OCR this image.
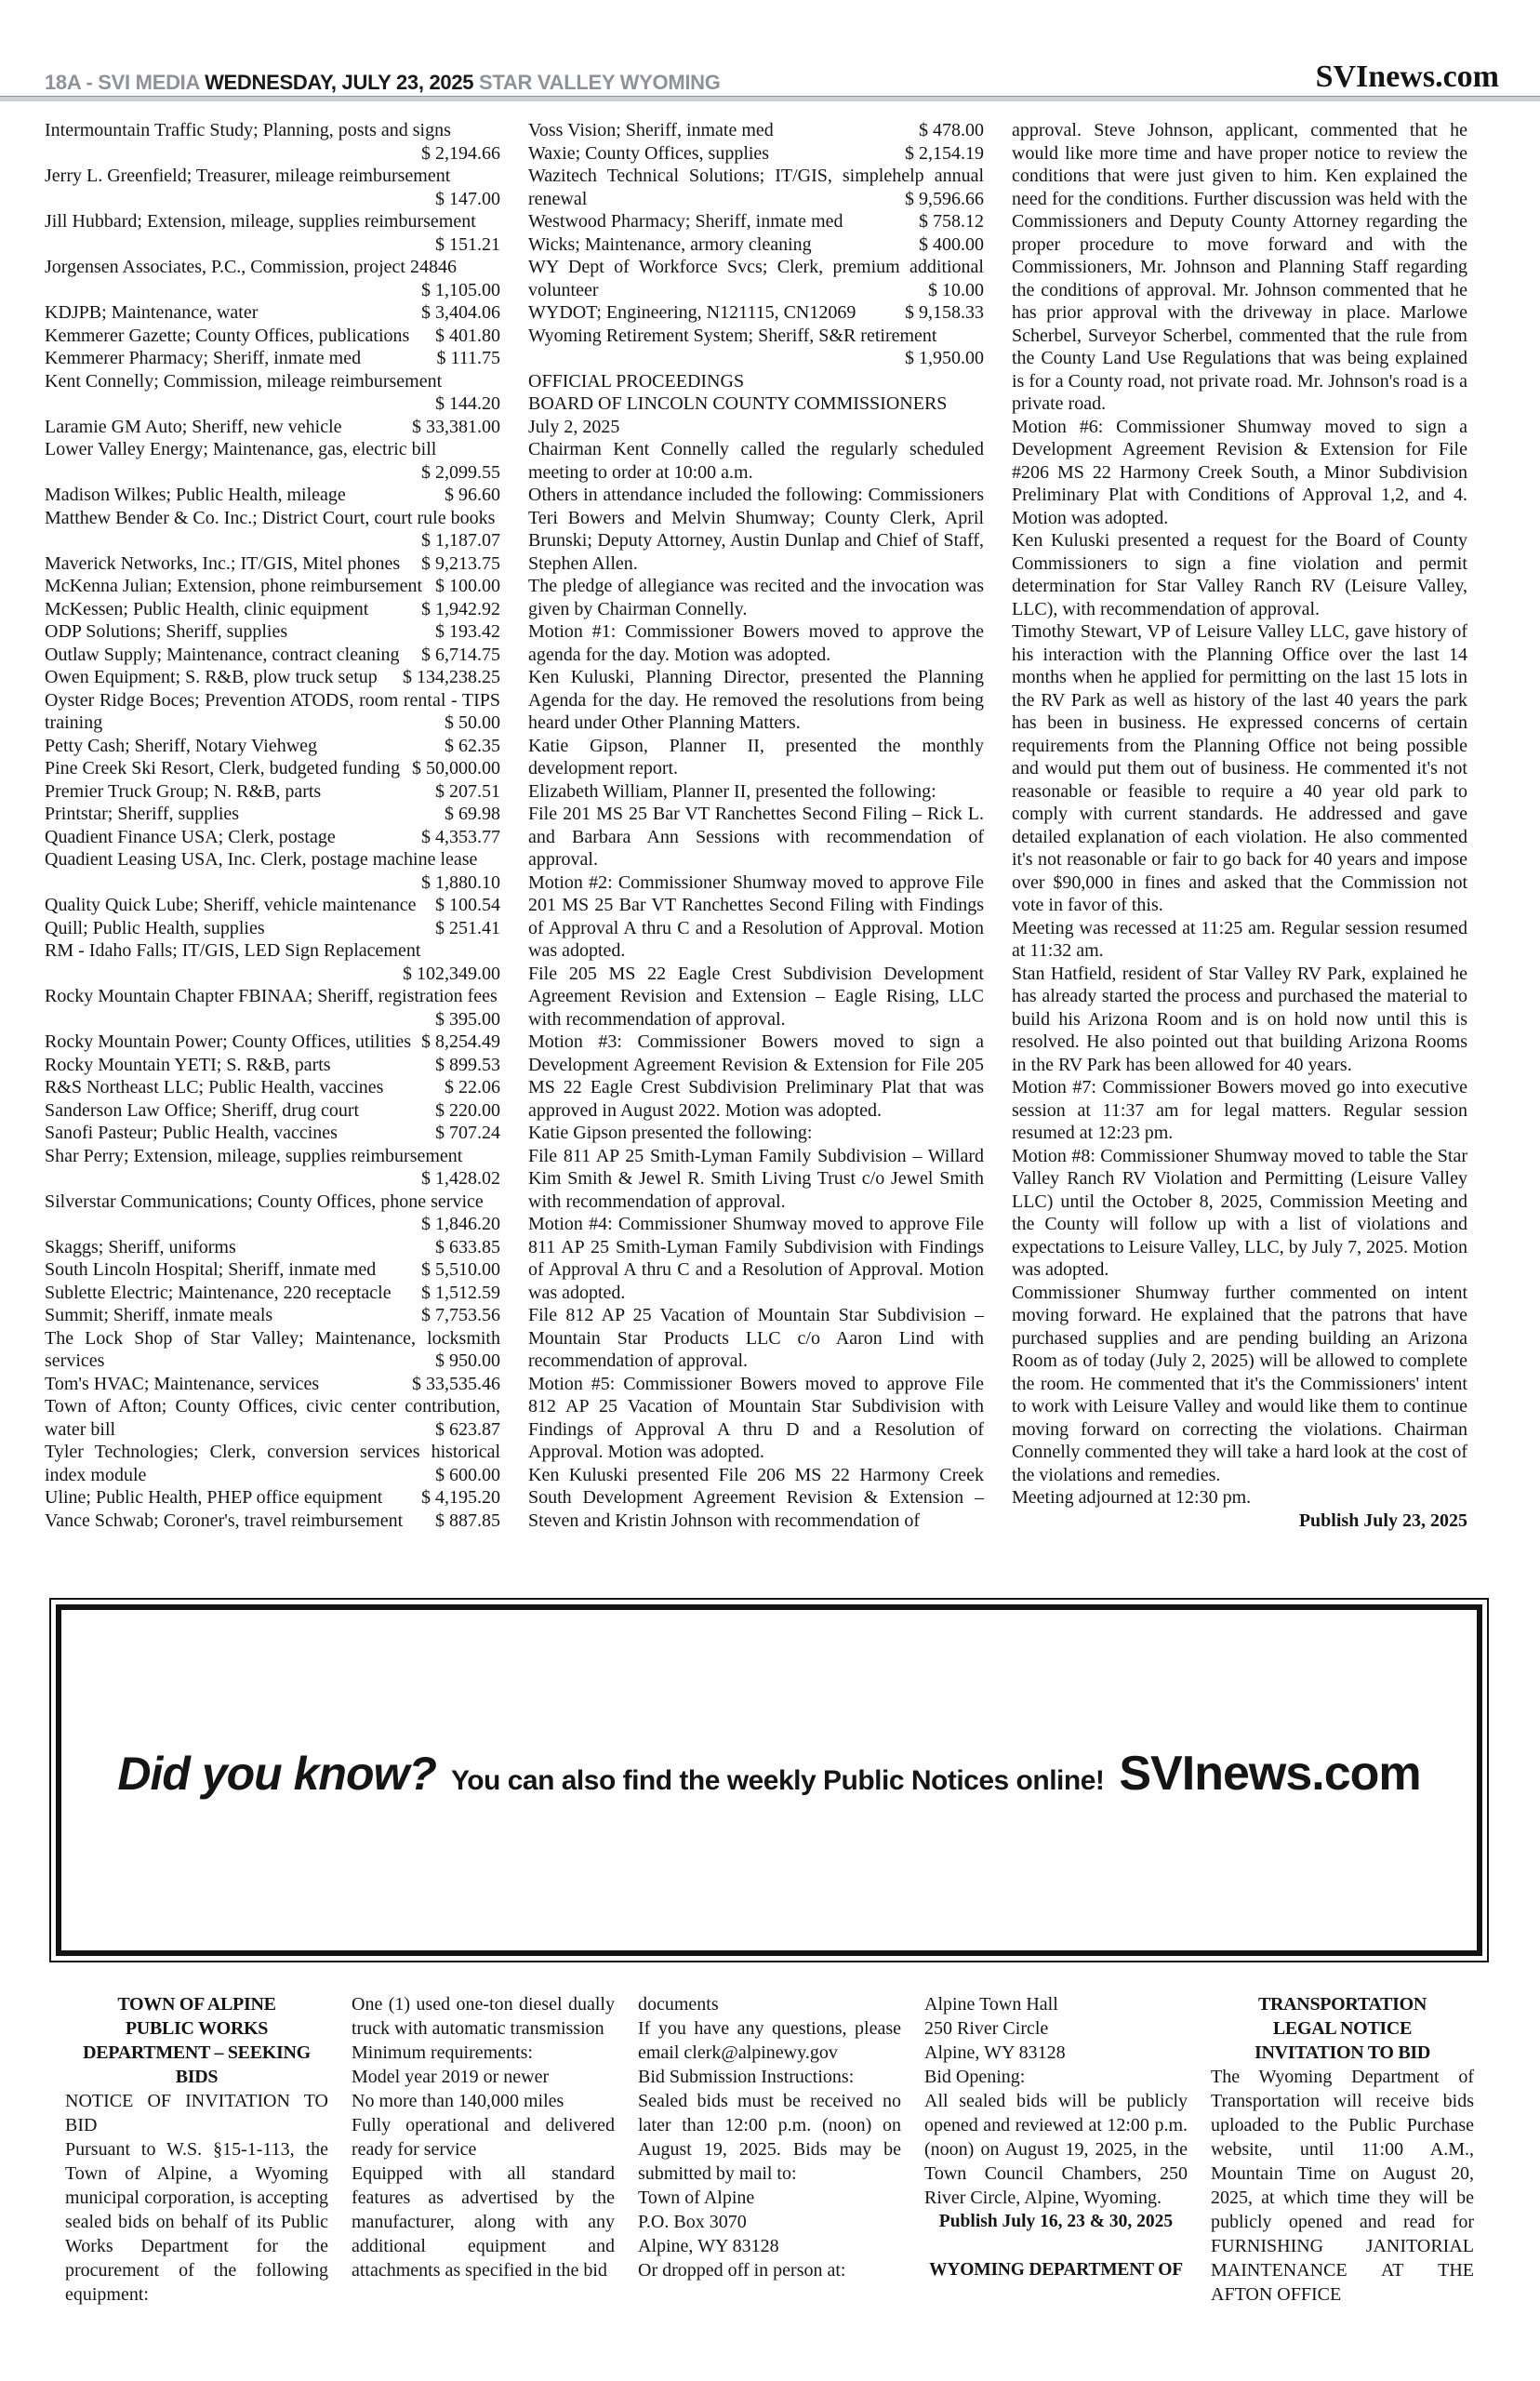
18A - SVI MEDIA WEDNESDAY, JULY 23, 2025 STAR VALLEY WYOMING	SVInews.com
Intermountain Traffic Study; Planning, posts and signs
$ 2,194.66
Jerry L. Greenfield; Treasurer, mileage reimbursement
$ 147.00
Jill Hubbard; Extension, mileage, supplies reimbursement
$ 151.21
Jorgensen Associates, P.C., Commission, project 24846
$ 1,105.00
KDJPB; Maintenance, water	$ 3,404.06
Kemmerer Gazette; County Offices, publications $ 401.80
Kemmerer Pharmacy; Sheriff, inmate med	$ 111.75
Kent Connelly; Commission, mileage reimbursement
$ 144.20
Laramie GM Auto; Sheriff, new vehicle	$ 33,381.00
Lower Valley Energy; Maintenance, gas, electric bill
$ 2,099.55
Madison Wilkes; Public Health, mileage	$ 96.60
Matthew Bender & Co. Inc.; District Court, court rule books
$ 1,187.07
Maverick Networks, Inc.; IT/GIS, Mitel phones $ 9,213.75
McKenna Julian; Extension, phone reimbursement $ 100.00
McKessen; Public Health, clinic equipment	$ 1,942.92
ODP Solutions; Sheriff, supplies	$ 193.42
Outlaw Supply; Maintenance, contract cleaning $ 6,714.75
Owen Equipment; S. R&B, plow truck setup $ 134,238.25
Oyster Ridge Boces; Prevention ATODS, room rental - TIPS training	$ 50.00
Petty Cash; Sheriff, Notary Viehweg	$ 62.35
Pine Creek Ski Resort, Clerk, budgeted funding $ 50,000.00
Premier Truck Group; N. R&B, parts	$ 207.51
Printstar; Sheriff, supplies	$ 69.98
Quadient Finance USA; Clerk, postage	$ 4,353.77
Quadient Leasing USA, Inc. Clerk, postage machine lease
$ 1,880.10
Quality Quick Lube; Sheriff, vehicle maintenance $ 100.54
Quill; Public Health, supplies	$ 251.41
RM - Idaho Falls; IT/GIS, LED Sign Replacement
$ 102,349.00
Rocky Mountain Chapter FBINAA; Sheriff, registration fees
$ 395.00
Rocky Mountain Power; County Offices, utilities $ 8,254.49
Rocky Mountain YETI; S. R&B, parts	$ 899.53
R&S Northeast LLC; Public Health, vaccines	$ 22.06
Sanderson Law Office; Sheriff, drug court	$ 220.00
Sanofi Pasteur; Public Health, vaccines	$ 707.24
Shar Perry; Extension, mileage, supplies reimbursement
$ 1,428.02
Silverstar Communications; County Offices, phone service
$ 1,846.20
Skaggs; Sheriff, uniforms	$ 633.85
South Lincoln Hospital; Sheriff, inmate med $ 5,510.00
Sublette Electric; Maintenance, 220 receptacle $ 1,512.59
Summit; Sheriff, inmate meals	$ 7,753.56
The Lock Shop of Star Valley; Maintenance, locksmith services	$ 950.00
Tom's HVAC; Maintenance, services	$ 33,535.46
Town of Afton; County Offices, civic center contribution, water bill	$ 623.87
Tyler Technologies; Clerk, conversion services historical index module	$ 600.00
Uline; Public Health, PHEP office equipment $ 4,195.20
Vance Schwab; Coroner's, travel reimbursement $ 887.85
Voss Vision; Sheriff, inmate med	$ 478.00
Waxie; County Offices, supplies	$ 2,154.19
Wazitech Technical Solutions; IT/GIS, simplehelp annual renewal	$ 9,596.66
Westwood Pharmacy; Sheriff, inmate med	$ 758.12
Wicks; Maintenance, armory cleaning	$ 400.00
WY Dept of Workforce Svcs; Clerk, premium additional volunteer	$ 10.00
WYDOT; Engineering, N121115, CN12069	$ 9,158.33
Wyoming Retirement System; Sheriff, S&R retirement
$ 1,950.00

OFFICIAL PROCEEDINGS

BOARD OF LINCOLN COUNTY COMMISSIONERS

July 2, 2025

Chairman Kent Connelly called the regularly scheduled meeting to order at 10:00 a.m.

Others in attendance included the following: Commissioners Teri Bowers and Melvin Shumway; County Clerk, April Brunski; Deputy Attorney, Austin Dunlap and Chief of Staff, Stephen Allen.

The pledge of allegiance was recited and the invocation was given by Chairman Connelly.

Motion #1: Commissioner Bowers moved to approve the agenda for the day. Motion was adopted.

Ken Kuluski, Planning Director, presented the Planning Agenda for the day. He removed the resolutions from being heard under Other Planning Matters.

Katie Gipson, Planner II, presented the monthly development report.

Elizabeth William, Planner II, presented the following:

File 201 MS 25 Bar VT Ranchettes Second Filing – Rick L. and Barbara Ann Sessions with recommendation of approval.

Motion #2: Commissioner Shumway moved to approve File 201 MS 25 Bar VT Ranchettes Second Filing with Findings of Approval A thru C and a Resolution of Approval. Motion was adopted.

File 205 MS 22 Eagle Crest Subdivision Development Agreement Revision and Extension – Eagle Rising, LLC with recommendation of approval.

Motion #3: Commissioner Bowers moved to sign a Development Agreement Revision & Extension for File 205 MS 22 Eagle Crest Subdivision Preliminary Plat that was approved in August 2022. Motion was adopted.

Katie Gipson presented the following:

File 811 AP 25 Smith-Lyman Family Subdivision – Willard Kim Smith & Jewel R. Smith Living Trust c/o Jewel Smith with recommendation of approval.

Motion #4: Commissioner Shumway moved to approve File 811 AP 25 Smith-Lyman Family Subdivision with Findings of Approval A thru C and a Resolution of Approval. Motion was adopted.

File 812 AP 25 Vacation of Mountain Star Subdivision – Mountain Star Products LLC c/o Aaron Lind with recommendation of approval.

Motion #5: Commissioner Bowers moved to approve File 812 AP 25 Vacation of Mountain Star Subdivision with Findings of Approval A thru D and a Resolution of Approval. Motion was adopted.

Ken Kuluski presented File 206 MS 22 Harmony Creek South Development Agreement Revision & Extension – Steven and Kristin Johnson with recommendation of

approval. Steve Johnson, applicant, commented that he would like more time and have proper notice to review the conditions that were just given to him. Ken explained the need for the conditions. Further discussion was held with the Commissioners and Deputy County Attorney regarding the proper procedure to move forward and with the Commissioners, Mr. Johnson and Planning Staff regarding the conditions of approval. Mr. Johnson commented that he has prior approval with the driveway in place. Marlowe Scherbel, Surveyor Scherbel, commented that the rule from the County Land Use Regulations that was being explained is for a County road, not private road. Mr. Johnson's road is a private road.

Motion #6: Commissioner Shumway moved to sign a Development Agreement Revision & Extension for File #206 MS 22 Harmony Creek South, a Minor Subdivision Preliminary Plat with Conditions of Approval 1,2, and 4. Motion was adopted.

Ken Kuluski presented a request for the Board of County Commissioners to sign a fine violation and permit determination for Star Valley Ranch RV (Leisure Valley, LLC), with recommendation of approval.

Timothy Stewart, VP of Leisure Valley LLC, gave history of his interaction with the Planning Office over the last 14 months when he applied for permitting on the last 15 lots in the RV Park as well as history of the last 40 years the park has been in business. He expressed concerns of certain requirements from the Planning Office not being possible and would put them out of business. He commented it's not reasonable or feasible to require a 40 year old park to comply with current standards. He addressed and gave detailed explanation of each violation. He also commented it's not reasonable or fair to go back for 40 years and impose over $90,000 in fines and asked that the Commission not vote in favor of this.

Meeting was recessed at 11:25 am. Regular session resumed at 11:32 am.

Stan Hatfield, resident of Star Valley RV Park, explained he has already started the process and purchased the material to build his Arizona Room and is on hold now until this is resolved. He also pointed out that building Arizona Rooms in the RV Park has been allowed for 40 years.

Motion #7: Commissioner Bowers moved go into executive session at 11:37 am for legal matters. Regular session resumed at 12:23 pm.

Motion #8: Commissioner Shumway moved to table the Star Valley Ranch RV Violation and Permitting (Leisure Valley LLC) until the October 8, 2025, Commission Meeting and the County will follow up with a list of violations and expectations to Leisure Valley, LLC, by July 7, 2025. Motion was adopted.

Commissioner Shumway further commented on intent moving forward. He explained that the patrons that have purchased supplies and are pending building an Arizona Room as of today (July 2, 2025) will be allowed to complete the room. He commented that it's the Commissioners' intent to work with Leisure Valley and would like them to continue moving forward on correcting the violations. Chairman Connelly commented they will take a hard look at the cost of the violations and remedies.

Meeting adjourned at 12:30 pm.

Publish July 23, 2025

Did you know? You can also find the weekly Public Notices online! SVInews.com
TOWN OF ALPINE
PUBLIC WORKS
DEPARTMENT – SEEKING
BIDS

NOTICE OF INVITATION TO BID

Pursuant to W.S. §15-1-113, the Town of Alpine, a Wyoming municipal corporation, is accepting sealed bids on behalf of its Public Works Department for the procurement of the following equipment:

One (1) used one-ton diesel dually truck with automatic transmission

Minimum requirements:

Model year 2019 or newer

No more than 140,000 miles

Fully operational and delivered ready for service

Equipped with all standard features as advertised by the manufacturer, along with any additional equipment and attachments as specified in the bid

documents

If you have any questions, please email clerk@alpinewy.gov

Bid Submission Instructions:

Sealed bids must be received no later than 12:00 p.m. (noon) on August 19, 2025. Bids may be submitted by mail to:

Town of Alpine

P.O. Box 3070

Alpine, WY 83128

Or dropped off in person at:

Alpine Town Hall

250 River Circle

Alpine, WY 83128

Bid Opening:

All sealed bids will be publicly opened and reviewed at 12:00 p.m. (noon) on August 19, 2025, in the Town Council Chambers, 250 River Circle, Alpine, Wyoming.

Publish July 16, 23 & 30, 2025

WYOMING DEPARTMENT OF
TRANSPORTATION
LEGAL NOTICE
INVITATION TO BID

The Wyoming Department of Transportation will receive bids uploaded to the Public Purchase website, until 11:00 A.M., Mountain Time on August 20, 2025, at which time they will be publicly opened and read for FURNISHING JANITORIAL MAINTENANCE AT THE AFTON OFFICE
